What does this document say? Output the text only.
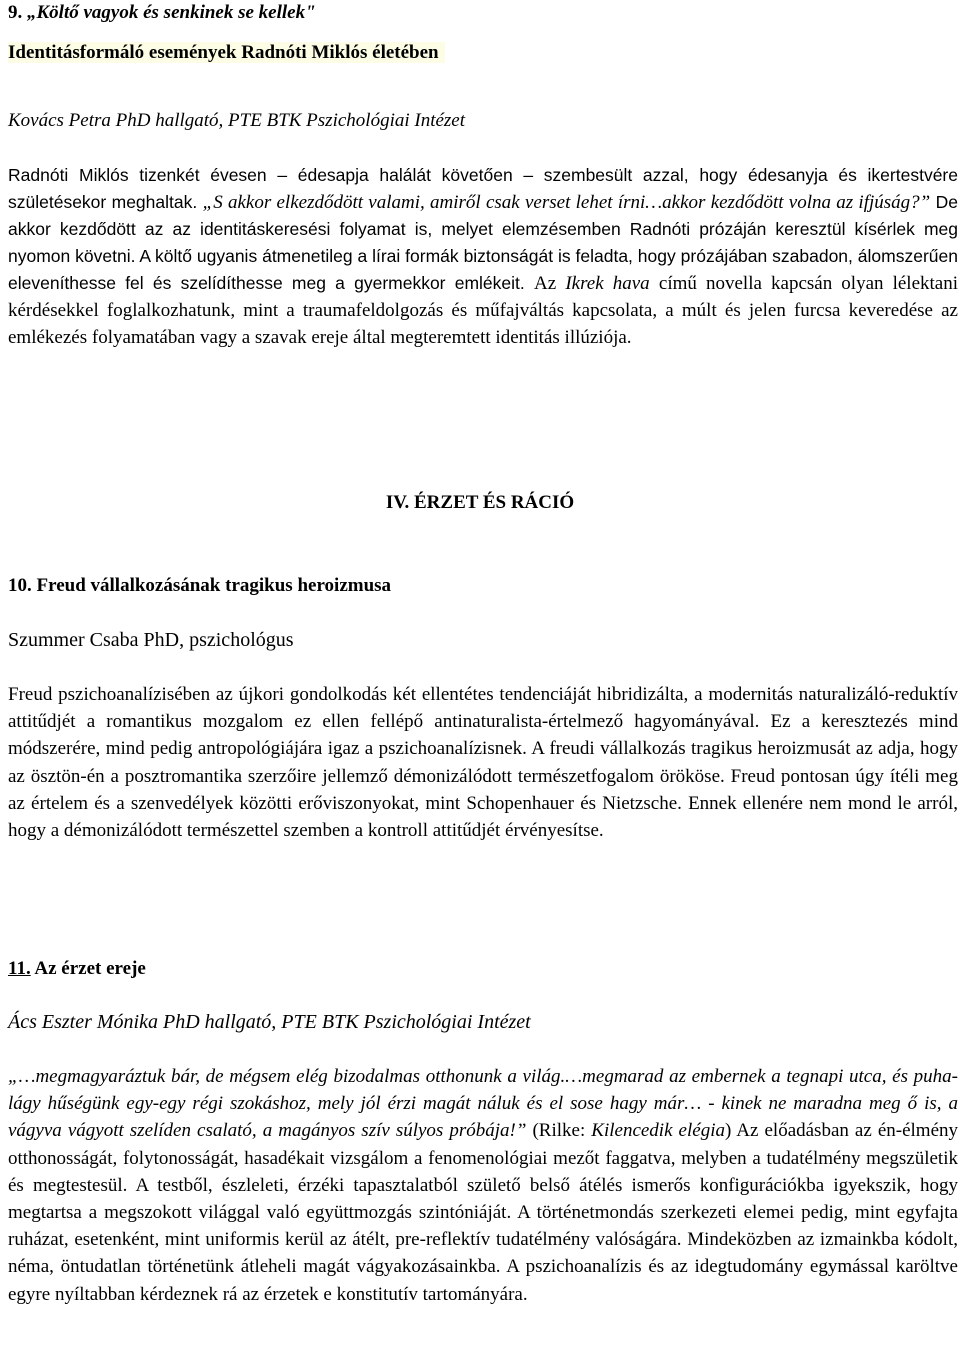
9. „Költő vagyok és senkinek se kellek"
Identitásformáló események Radnóti Miklós életében
Kovács Petra PhD hallgató, PTE BTK Pszichológiai Intézet

Radnóti Miklós tizenkét évesen – édesapja halálát követően – szembesült azzal, hogy édesanyja és ikertestvére születésekor meghaltak. „S akkor elkezdődött valami, amiről csak verset lehet írni…akkor kezdődött volna az ifjúság?” De akkor kezdődött az az identitáskeresési folyamat is, melyet elemzésemben Radnóti prózáján keresztül kísérlek meg nyomon követni. A költő ugyanis átmenetileg a lírai formák biztonságát is feladta, hogy prózájában szabadon, álomszerűen eleveníthesse fel és szelídíthesse meg a gyermekkor emlékeit. Az Ikrek hava című novella kapcsán olyan lélektani kérdésekkel foglalkozhatunk, mint a traumafeldolgozás és műfajváltás kapcsolata, a múlt és jelen furcsa keveredése az emlékezés folyamatában vagy a szavak ereje által megteremtett identitás illúziója.

IV. ÉRZET ÉS RÁCIÓ
10. Freud vállalkozásának tragikus heroizmusa
Szummer Csaba PhD, pszichológus

Freud pszichoanalízisében az újkori gondolkodás két ellentétes tendenciáját hibridizálta, a modernitás naturalizáló-reduktív attitűdjét a romantikus mozgalom ez ellen fellépő antinaturalista-értelmező hagyományával. Ez a keresztezés mind módszerére, mind pedig antropológiájára igaz a pszichoanalízisnek. A freudi vállalkozás tragikus heroizmusát az adja, hogy az ösztön-én a posztromantika szerzőire jellemző démonizálódott természetfogalom örököse. Freud pontosan úgy ítéli meg az értelem és a szenvedélyek közötti erőviszonyokat, mint Schopenhauer és Nietzsche. Ennek ellenére nem mond le arról, hogy a démonizálódott természettel szemben a kontroll attitűdjét érvényesítse.

11. Az érzet ereje
Ács Eszter Mónika PhD hallgató, PTE BTK Pszichológiai Intézet

„…megmagyaráztuk bár, de mégsem elég bizodalmas otthonunk a világ.…megmarad az embernek a tegnapi utca, és puha-lágy hűségünk egy-egy régi szokáshoz, mely jól érzi magát náluk és el sose hagy már… - kinek ne maradna meg ő is, a vágyva vágyott szelíden csalató, a magányos szív súlyos próbája!” (Rilke: Kilencedik elégia) Az előadásban az én-élmény otthonosságát, folytonosságát, hasadékait vizsgálom a fenomenológiai mezőt faggatva, melyben a tudatélmény megszületik és megtestesül. A testből, észleleti, érzéki tapasztalatból születő belső átélés ismerős konfigurációkba igyekszik, hogy megtartsa a megszokott világgal való együttmozgás szintóniáját. A történetmondás szerkezeti elemei pedig, mint egyfajta ruházat, esetenként, mint uniformis kerül az átélt, pre-reflektív tudatélmény valóságára. Mindeközben az izmainkba kódolt, néma, öntudatlan történetünk átleheli magát vágyakozásainkba. A pszichoanalízis és az idegtudomány egymással karöltve egyre nyíltabban kérdeznek rá az érzetek e konstitutív tartományára.
